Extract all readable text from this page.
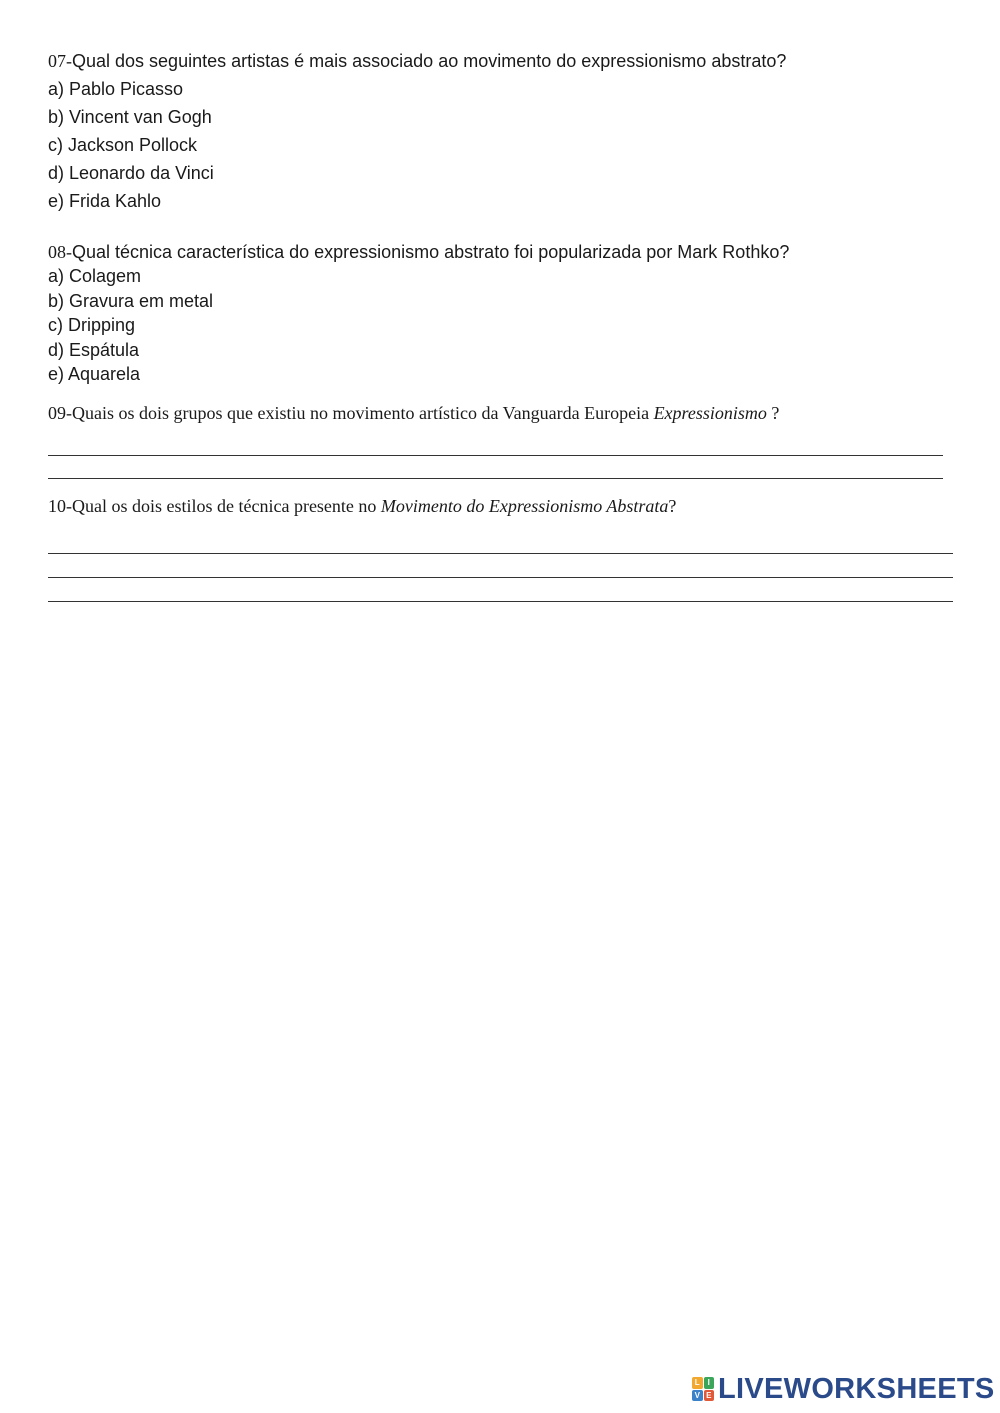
07-Qual dos seguintes artistas é mais associado ao movimento do expressionismo abstrato?
a) Pablo Picasso
b) Vincent van Gogh
c) Jackson Pollock
d) Leonardo da Vinci
e) Frida Kahlo
08-Qual técnica característica do expressionismo abstrato foi popularizada por Mark Rothko?
a) Colagem
b) Gravura em metal
c) Dripping
d) Espátula
e) Aquarela
09-Quais os dois grupos que existiu no movimento artístico da Vanguarda Europeia Expressionismo ?
10-Qual os dois estilos de técnica presente no Movimento do Expressionismo Abstrata?
L I
V E LIVEWORKSHEETS
